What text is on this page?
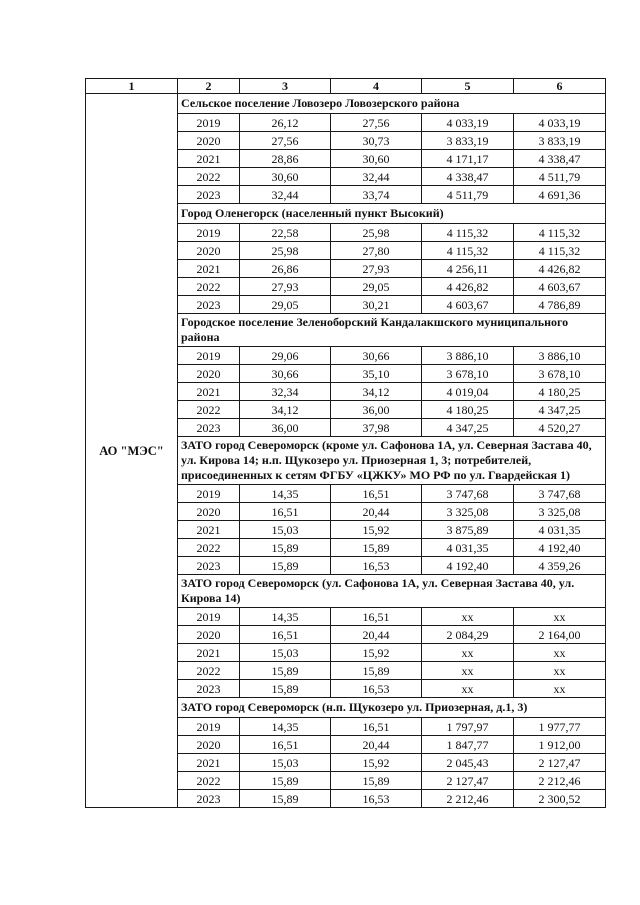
1	2	3	4	5	6
АО "МЭС"	Сельское поселение Ловозеро Ловозерского района				
	2019	26,12	27,56	4 033,19	4 033,19
	2020	27,56	30,73	3 833,19	3 833,19
	2021	28,86	30,60	4 171,17	4 338,47
	2022	30,60	32,44	4 338,47	4 511,79
	2023	32,44	33,74	4 511,79	4 691,36
	Город Оленегорск (населенный пункт Высокий)				
	2019	22,58	25,98	4 115,32	4 115,32
	2020	25,98	27,80	4 115,32	4 115,32
	2021	26,86	27,93	4 256,11	4 426,82
	2022	27,93	29,05	4 426,82	4 603,67
	2023	29,05	30,21	4 603,67	4 786,89
	Городское поселение Зеленоборский Кандалакшского муниципального района				
	2019	29,06	30,66	3 886,10	3 886,10
	2020	30,66	35,10	3 678,10	3 678,10
	2021	32,34	34,12	4 019,04	4 180,25
	2022	34,12	36,00	4 180,25	4 347,25
	2023	36,00	37,98	4 347,25	4 520,27
	ЗАТО город Североморск (кроме ул. Сафонова 1А, ул. Северная Застава 40, ул. Кирова 14; н.п. Щукозеро ул. Приозерная 1, 3; потребителей, присоединенных к сетям ФГБУ «ЦЖКУ» МО РФ по ул. Гвардейская 1)				
	2019	14,35	16,51	3 747,68	3 747,68
	2020	16,51	20,44	3 325,08	3 325,08
	2021	15,03	15,92	3 875,89	4 031,35
	2022	15,89	15,89	4 031,35	4 192,40
	2023	15,89	16,53	4 192,40	4 359,26
	ЗАТО город Североморск (ул. Сафонова 1А, ул. Северная Застава 40, ул. Кирова 14)				
	2019	14,35	16,51	хх	хх
	2020	16,51	20,44	2 084,29	2 164,00
	2021	15,03	15,92	хх	хх
	2022	15,89	15,89	хх	хх
	2023	15,89	16,53	хх	хх
	ЗАТО город Североморск (н.п. Щукозеро ул. Приозерная, д.1, 3)				
	2019	14,35	16,51	1 797,97	1 977,77
	2020	16,51	20,44	1 847,77	1 912,00
	2021	15,03	15,92	2 045,43	2 127,47
	2022	15,89	15,89	2 127,47	2 212,46
	2023	15,89	16,53	2 212,46	2 300,52
